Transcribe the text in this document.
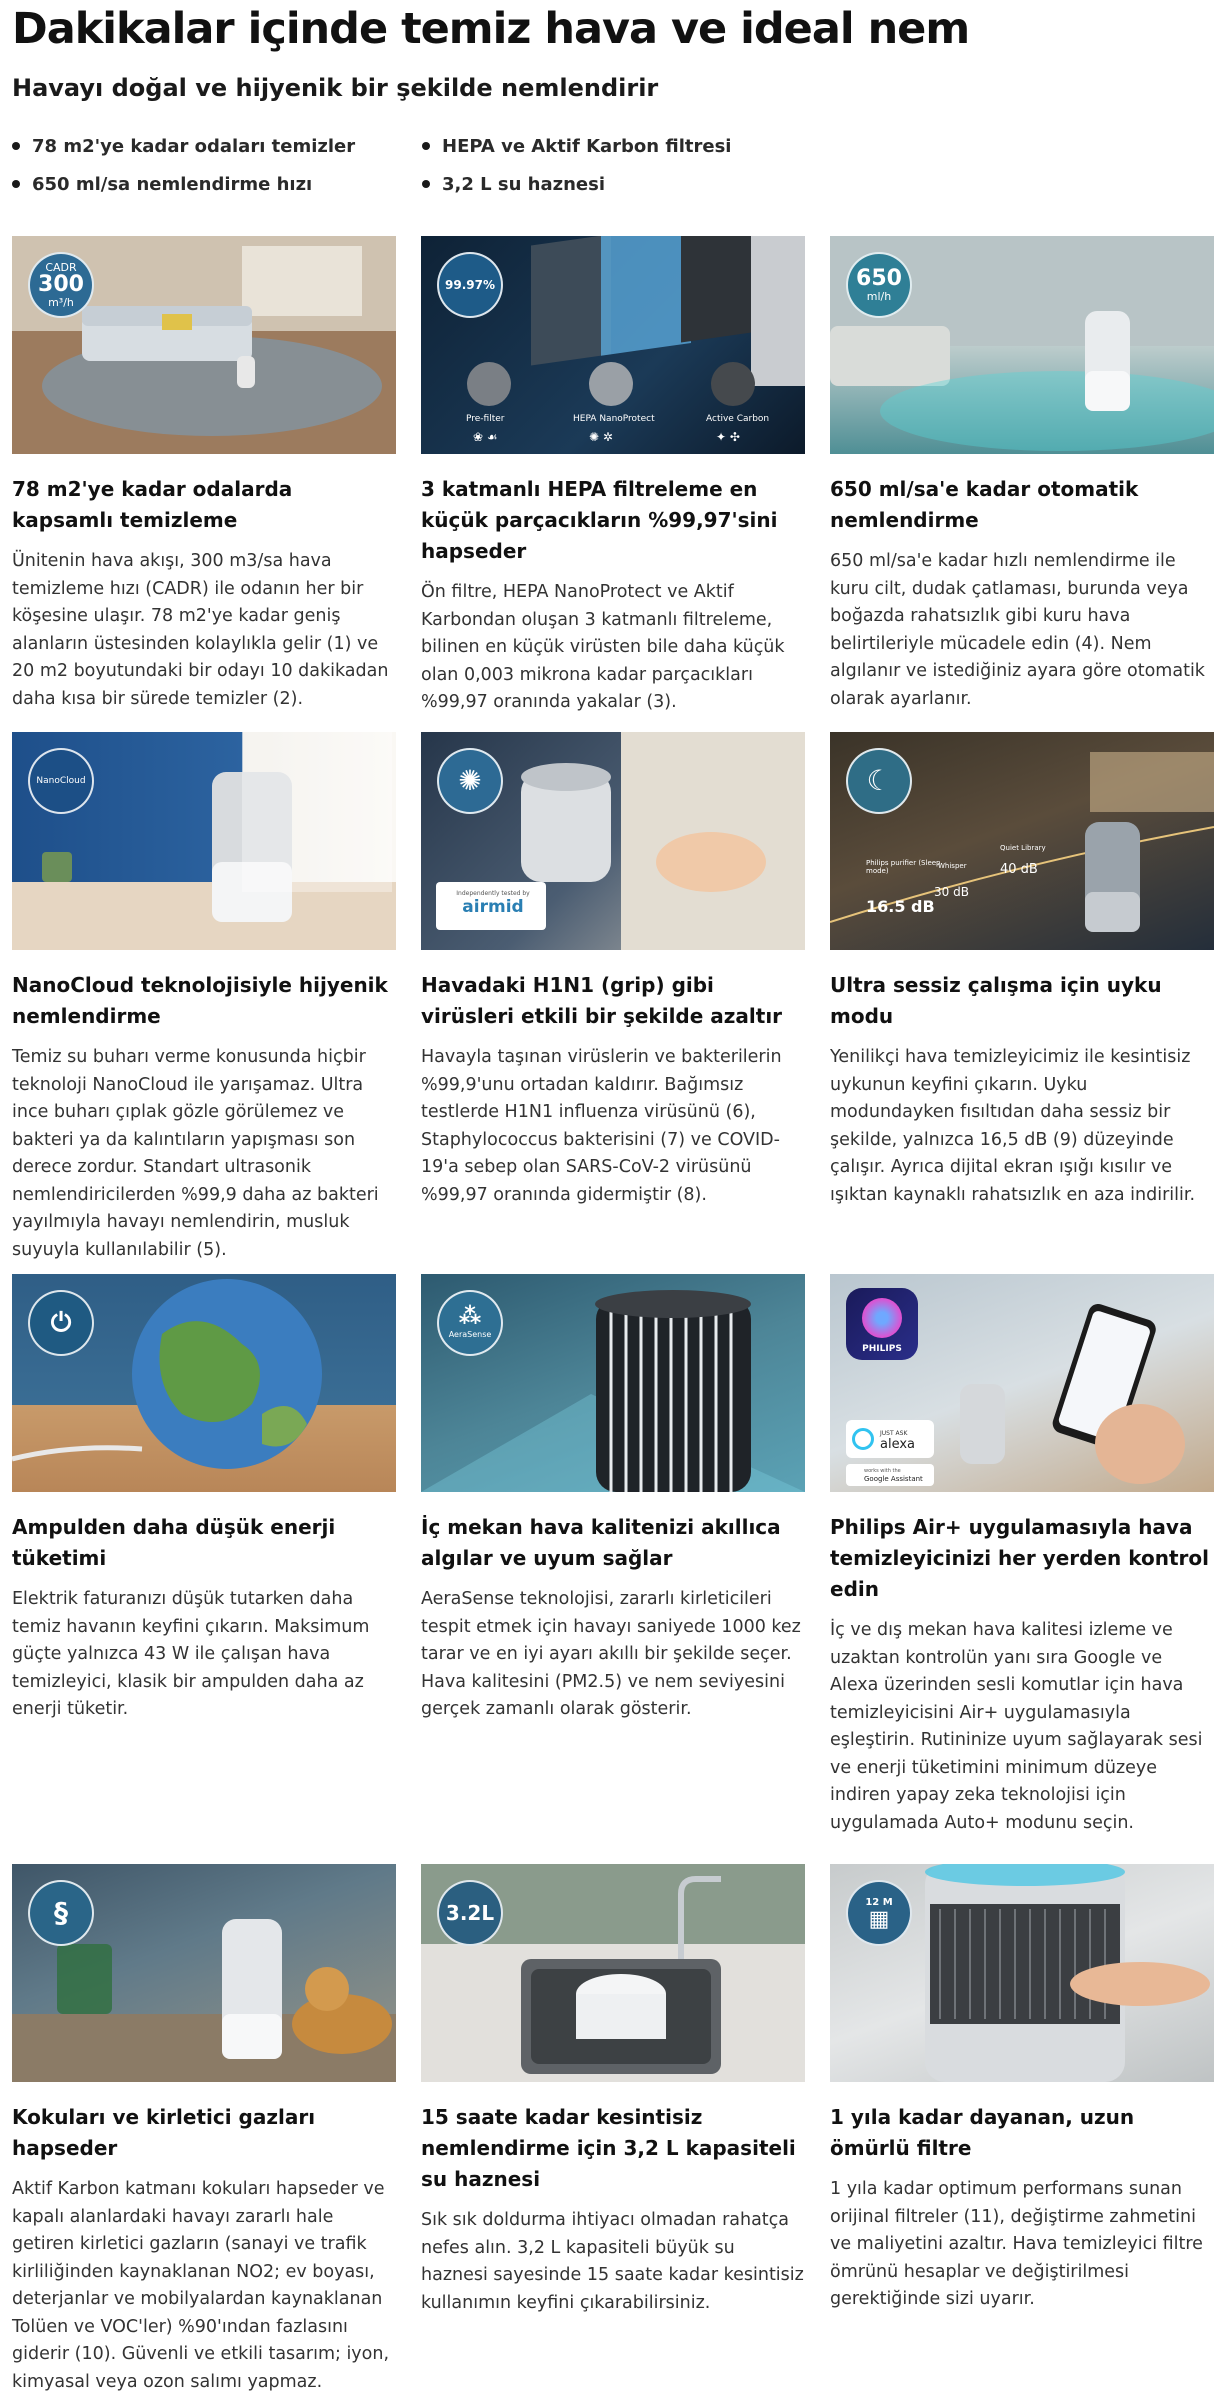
Dakikalar içinde temiz hava ve ideal nem
Havayı doğal ve hijyenik bir şekilde nemlendirir
78 m2'ye kadar odaları temizler	HEPA ve Aktif Karbon filtresi
650 ml/sa nemlendirme hızı	3,2 L su haznesi
CADR
300
m³/h
78 m2'ye kadar odalarda kapsamlı temizleme
Ünitenin hava akışı, 300 m3/sa hava temizleme hızı (CADR) ile odanın her bir köşesine ulaşır. 78 m2'ye kadar geniş alanların üstesinden kolaylıkla gelir (1) ve 20 m2 boyutundaki bir odayı 10 dakikadan daha kısa bir sürede temizler (2).
Pre-filter	HEPA NanoProtect	Active Carbon
❀ ☙	✺ ✲	✦ ✣
99.97%
3 katmanlı HEPA filtreleme en küçük parçacıkların %99,97'sini hapseder
Ön filtre, HEPA NanoProtect ve Aktif Karbondan oluşan 3 katmanlı filtreleme, bilinen en küçük virüsten bile daha küçük olan 0,003 mikrona kadar parçacıkları %99,97 oranında yakalar (3).
650
ml/h
650 ml/sa'e kadar otomatik nemlendirme
650 ml/sa'e kadar hızlı nemlendirme ile kuru cilt, dudak çatlaması, burunda veya boğazda rahatsızlık gibi kuru hava belirtileriyle mücadele edin (4). Nem algılanır ve istediğiniz ayara göre otomatik olarak ayarlanır.
NanoCloud
NanoCloud teknolojisiyle hijyenik nemlendirme
Temiz su buharı verme konusunda hiçbir teknoloji NanoCloud ile yarışamaz. Ultra ince buharı çıplak gözle görülemez ve bakteri ya da kalıntıların yapışması son derece zordur. Standart ultrasonik nemlendiricilerden %99,9 daha az bakteri yayılmıyla havayı nemlendirin, musluk suyuyla kullanılabilir (5).
✺
Independently tested by
airmid
Havadaki H1N1 (grip) gibi virüsleri etkili bir şekilde azaltır
Havayla taşınan virüslerin ve bakterilerin %99,9'unu ortadan kaldırır. Bağımsız testlerde H1N1 influenza virüsünü (6), Staphylococcus bakterisini (7) ve COVID-19'a sebep olan SARS-CoV-2 virüsünü %99,97 oranında gidermiştir (8).
☾
Philips purifier (Sleep mode)
16.5 dB
Whisper
30 dB
Quiet Library
40 dB
Ultra sessiz çalışma için uyku modu
Yenilikçi hava temizleyicimiz ile kesintisiz uykunun keyfini çıkarın. Uyku modundayken fısıltıdan daha sessiz bir şekilde, yalnızca 16,5 dB (9) düzeyinde çalışır. Ayrıca dijital ekran ışığı kısılır ve ışıktan kaynaklı rahatsızlık en aza indirilir.
⏻
Ampulden daha düşük enerji tüketimi
Elektrik faturanızı düşük tutarken daha temiz havanın keyfini çıkarın. Maksimum güçte yalnızca 43 W ile çalışan hava temizleyici, klasik bir ampulden daha az enerji tüketir.
⁂
AeraSense
İç mekan hava kalitenizi akıllıca algılar ve uyum sağlar
AeraSense teknolojisi, zararlı kirleticileri tespit etmek için havayı saniyede 1000 kez tarar ve en iyi ayarı akıllı bir şekilde seçer. Hava kalitesini (PM2.5) ve nem seviyesini gerçek zamanlı olarak gösterir.
PHILIPS
JUST ASK
alexa
works with the
Google Assistant
Philips Air+ uygulamasıyla hava temizleyicinizi her yerden kontrol edin
İç ve dış mekan hava kalitesi izleme ve uzaktan kontrolün yanı sıra Google ve Alexa üzerinden sesli komutlar için hava temizleyicisini Air+ uygulamasıyla eşleştirin. Rutininize uyum sağlayarak sesi ve enerji tüketimini minimum düzeye indiren yapay zeka teknolojisi için uygulamada Auto+ modunu seçin.
§
Kokuları ve kirletici gazları hapseder
Aktif Karbon katmanı kokuları hapseder ve kapalı alanlardaki havayı zararlı hale getiren kirletici gazların (sanayi ve trafik kirliliğinden kaynaklanan NO2; ev boyası, deterjanlar ve mobilyalardan kaynaklanan Tolüen ve VOC'ler) %90'ından fazlasını giderir (10). Güvenli ve etkili tasarım; iyon, kimyasal veya ozon salımı yapmaz.
3.2L
15 saate kadar kesintisiz nemlendirme için 3,2 L kapasiteli su haznesi
Sık sık doldurma ihtiyacı olmadan rahatça nefes alın. 3,2 L kapasiteli büyük su haznesi sayesinde 15 saate kadar kesintisiz kullanımın keyfini çıkarabilirsiniz.
12 M
▦
1 yıla kadar dayanan, uzun ömürlü filtre
1 yıla kadar optimum performans sunan orijinal filtreler (11), değiştirme zahmetini ve maliyetini azaltır. Hava temizleyici filtre ömrünü hesaplar ve değiştirilmesi gerektiğinde sizi uyarır.
